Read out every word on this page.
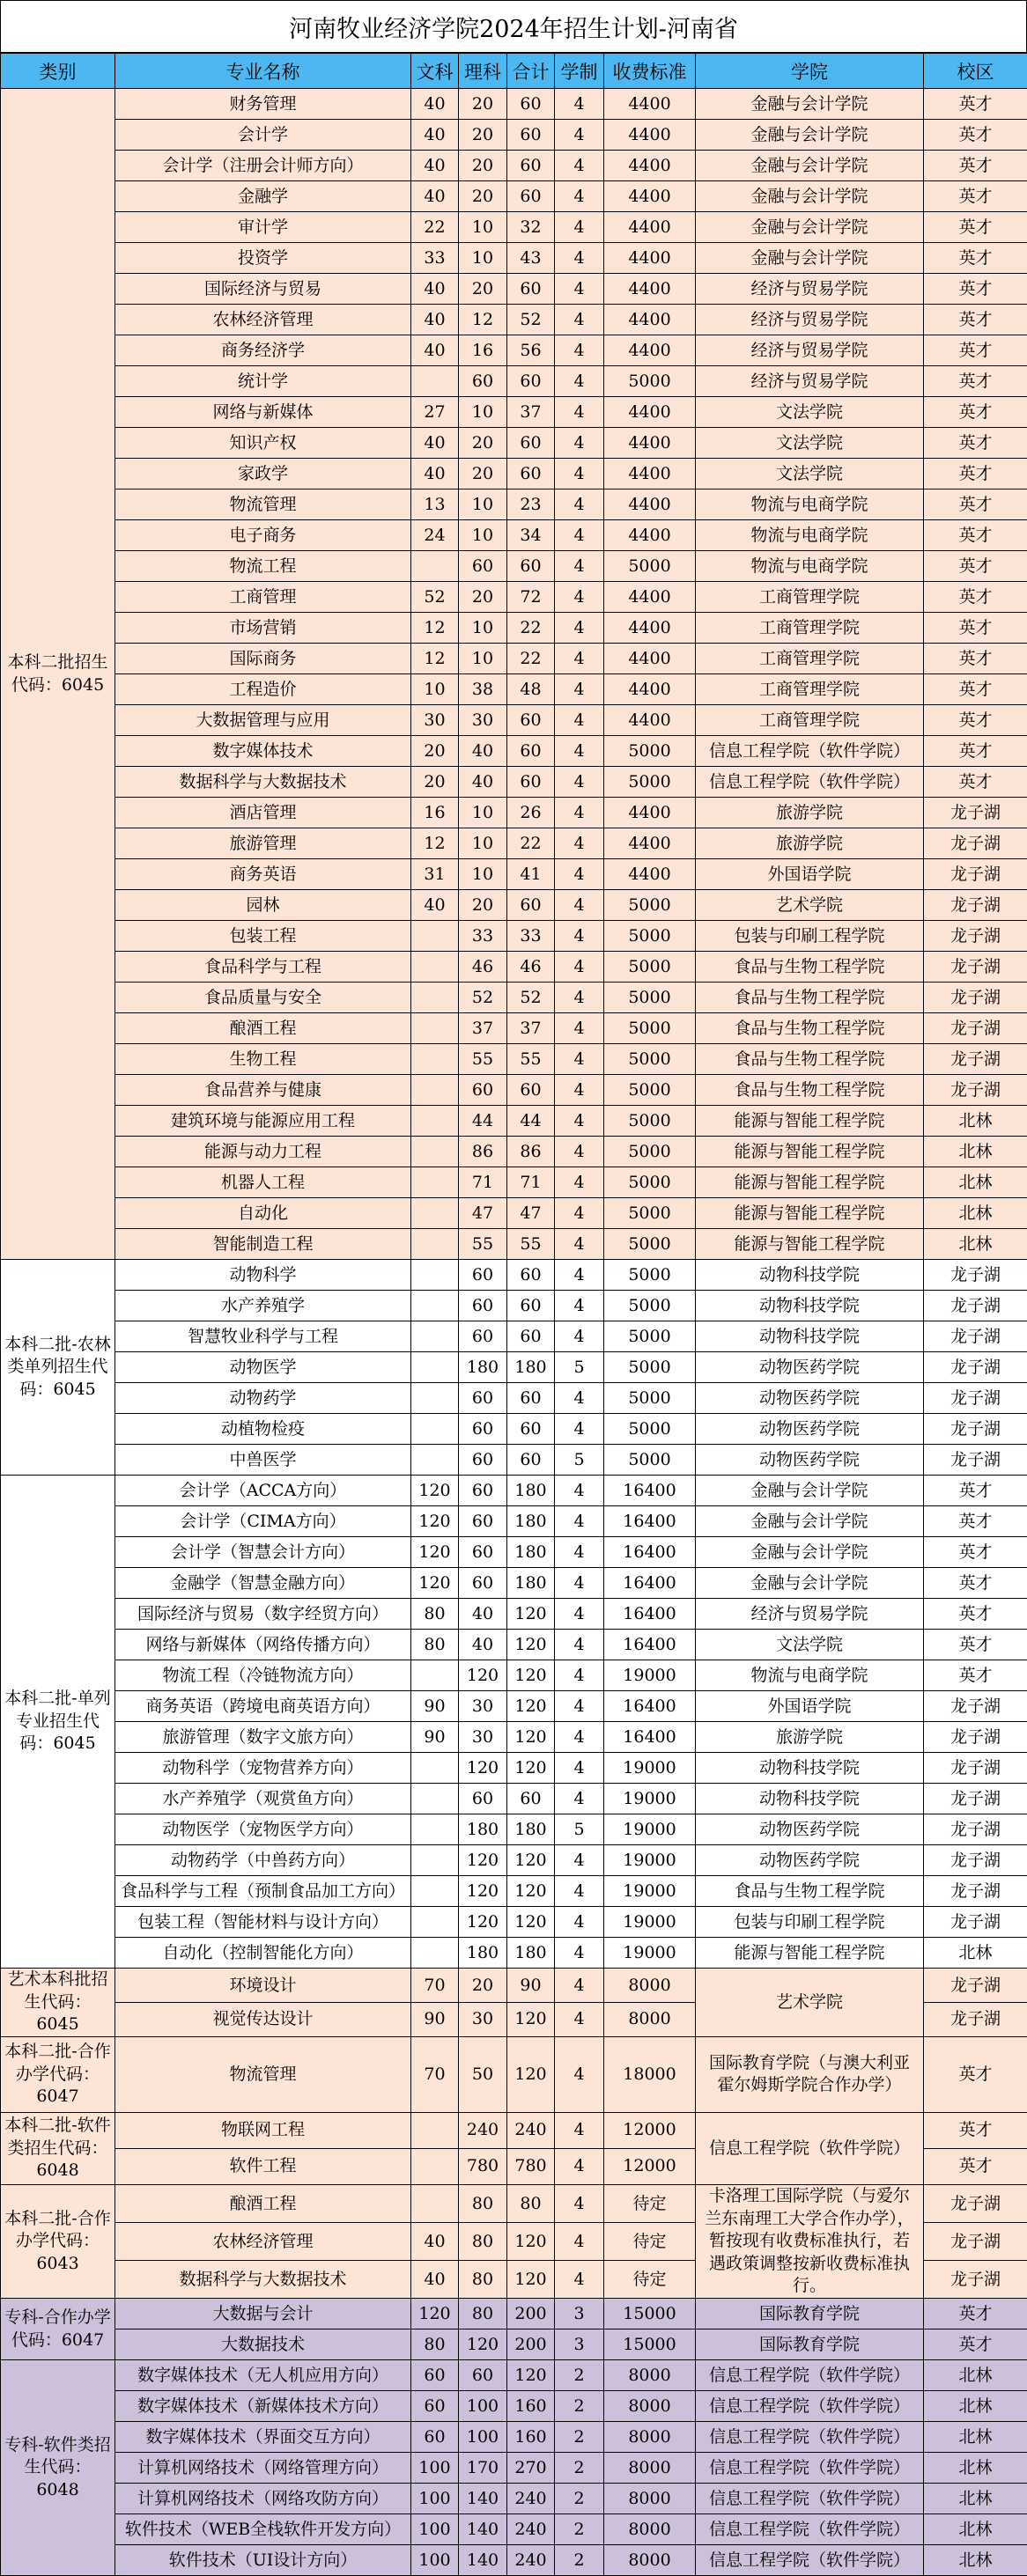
河南牧业经济学院2024年招生计划-河南省
类别	专业名称	文科	理科	合计	学制	收费标准	学院	校区
本科二批招生代码：6045	财务管理	40	20	60	4	4400	金融与会计学院	英才
	会计学	40	20	60	4	4400	金融与会计学院	英才
	会计学（注册会计师方向）	40	20	60	4	4400	金融与会计学院	英才
	金融学	40	20	60	4	4400	金融与会计学院	英才
	审计学	22	10	32	4	4400	金融与会计学院	英才
	投资学	33	10	43	4	4400	金融与会计学院	英才
	国际经济与贸易	40	20	60	4	4400	经济与贸易学院	英才
	农林经济管理	40	12	52	4	4400	经济与贸易学院	英才
	商务经济学	40	16	56	4	4400	经济与贸易学院	英才
	统计学		60	60	4	5000	经济与贸易学院	英才
	网络与新媒体	27	10	37	4	4400	文法学院	英才
	知识产权	40	20	60	4	4400	文法学院	英才
	家政学	40	20	60	4	4400	文法学院	英才
	物流管理	13	10	23	4	4400	物流与电商学院	英才
	电子商务	24	10	34	4	4400	物流与电商学院	英才
	物流工程		60	60	4	5000	物流与电商学院	英才
	工商管理	52	20	72	4	4400	工商管理学院	英才
	市场营销	12	10	22	4	4400	工商管理学院	英才
	国际商务	12	10	22	4	4400	工商管理学院	英才
	工程造价	10	38	48	4	4400	工商管理学院	英才
	大数据管理与应用	30	30	60	4	4400	工商管理学院	英才
	数字媒体技术	20	40	60	4	5000	信息工程学院（软件学院）	英才
	数据科学与大数据技术	20	40	60	4	5000	信息工程学院（软件学院）	英才
	酒店管理	16	10	26	4	4400	旅游学院	龙子湖
	旅游管理	12	10	22	4	4400	旅游学院	龙子湖
	商务英语	31	10	41	4	4400	外国语学院	龙子湖
	园林	40	20	60	4	5000	艺术学院	龙子湖
	包装工程		33	33	4	5000	包装与印刷工程学院	龙子湖
	食品科学与工程		46	46	4	5000	食品与生物工程学院	龙子湖
	食品质量与安全		52	52	4	5000	食品与生物工程学院	龙子湖
	酿酒工程		37	37	4	5000	食品与生物工程学院	龙子湖
	生物工程		55	55	4	5000	食品与生物工程学院	龙子湖
	食品营养与健康		60	60	4	5000	食品与生物工程学院	龙子湖
	建筑环境与能源应用工程		44	44	4	5000	能源与智能工程学院	北林
	能源与动力工程		86	86	4	5000	能源与智能工程学院	北林
	机器人工程		71	71	4	5000	能源与智能工程学院	北林
	自动化		47	47	4	5000	能源与智能工程学院	北林
	智能制造工程		55	55	4	5000	能源与智能工程学院	北林
本科二批-农林类单列招生代码：6045	动物科学		60	60	4	5000	动物科技学院	龙子湖
	水产养殖学		60	60	4	5000	动物科技学院	龙子湖
	智慧牧业科学与工程		60	60	4	5000	动物科技学院	龙子湖
	动物医学		180	180	5	5000	动物医药学院	龙子湖
	动物药学		60	60	4	5000	动物医药学院	龙子湖
	动植物检疫		60	60	4	5000	动物医药学院	龙子湖
	中兽医学		60	60	5	5000	动物医药学院	龙子湖
本科二批-单列专业招生代码：6045	会计学（ACCA方向）	120	60	180	4	16400	金融与会计学院	英才
	会计学（CIMA方向）	120	60	180	4	16400	金融与会计学院	英才
	会计学（智慧会计方向）	120	60	180	4	16400	金融与会计学院	英才
	金融学（智慧金融方向）	120	60	180	4	16400	金融与会计学院	英才
	国际经济与贸易（数字经贸方向）	80	40	120	4	16400	经济与贸易学院	英才
	网络与新媒体（网络传播方向）	80	40	120	4	16400	文法学院	英才
	物流工程（冷链物流方向）		120	120	4	19000	物流与电商学院	英才
	商务英语（跨境电商英语方向）	90	30	120	4	16400	外国语学院	龙子湖
	旅游管理（数字文旅方向）	90	30	120	4	16400	旅游学院	龙子湖
	动物科学（宠物营养方向）		120	120	4	19000	动物科技学院	龙子湖
	水产养殖学（观赏鱼方向）		60	60	4	19000	动物科技学院	龙子湖
	动物医学（宠物医学方向）		180	180	5	19000	动物医药学院	龙子湖
	动物药学（中兽药方向）		120	120	4	19000	动物医药学院	龙子湖
	食品科学与工程（预制食品加工方向）		120	120	4	19000	食品与生物工程学院	龙子湖
	包装工程（智能材料与设计方向）		120	120	4	19000	包装与印刷工程学院	龙子湖
	自动化（控制智能化方向）		180	180	4	19000	能源与智能工程学院	北林
艺术本科批招生代码：6045	环境设计	70	20	90	4	8000	艺术学院	龙子湖
	视觉传达设计	90	30	120	4	8000		龙子湖
本科二批-合作办学代码：6047	物流管理	70	50	120	4	18000	国际教育学院（与澳大利亚霍尔姆斯学院合作办学）	英才
本科二批-软件类招生代码：6048	物联网工程		240	240	4	12000	信息工程学院（软件学院）	英才
	软件工程		780	780	4	12000		英才
本科二批-合作办学代码：6043	酿酒工程		80	80	4	待定	卡洛理工国际学院（与爱尔兰东南理工大学合作办学），暂按现有收费标准执行，若遇政策调整按新收费标准执行。	龙子湖
	农林经济管理	40	80	120	4	待定		龙子湖
	数据科学与大数据技术	40	80	120	4	待定		龙子湖
专科-合作办学代码：6047	大数据与会计	120	80	200	3	15000	国际教育学院	英才
	大数据技术	80	120	200	3	15000	国际教育学院	英才
专科-软件类招生代码：6048	数字媒体技术（无人机应用方向）	60	60	120	2	8000	信息工程学院（软件学院）	北林
	数字媒体技术（新媒体技术方向）	60	100	160	2	8000	信息工程学院（软件学院）	北林
	数字媒体技术（界面交互方向）	60	100	160	2	8000	信息工程学院（软件学院）	北林
	计算机网络技术（网络管理方向）	100	170	270	2	8000	信息工程学院（软件学院）	北林
	计算机网络技术（网络攻防方向）	100	140	240	2	8000	信息工程学院（软件学院）	北林
	软件技术（WEB全栈软件开发方向）	100	140	240	2	8000	信息工程学院（软件学院）	北林
	软件技术（UI设计方向）	100	140	240	2	8000	信息工程学院（软件学院）	北林
